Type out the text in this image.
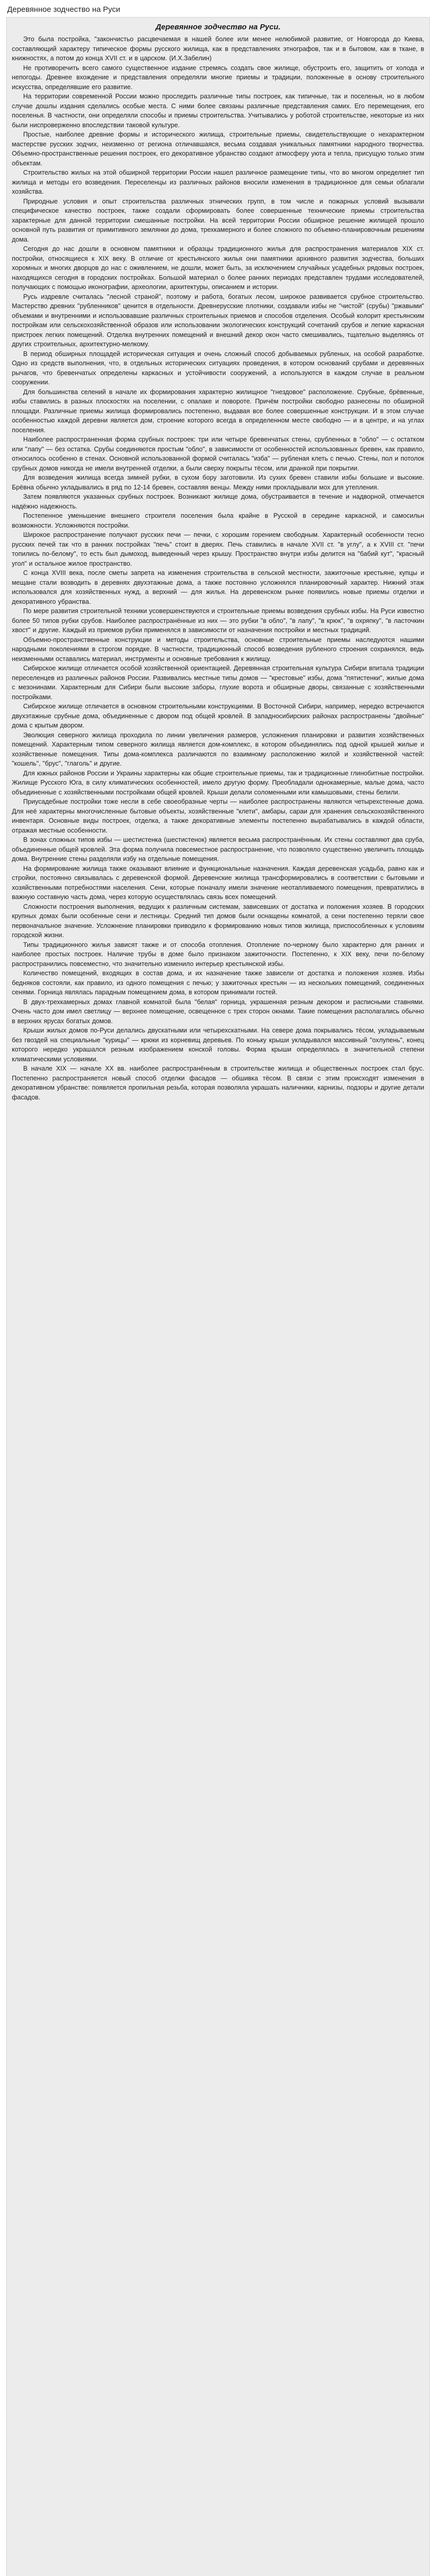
Деревянное зодчество на Руси
Деревянное зодчество на Руси.

Это была постройка, "закончистьо расцвечаемая в нашей более или менее нелюбимой развитие, от Новгорода до Киева, составляющий характеру типическое формы русского жилища, как в представлениях этнографов, так и в бытовом, как в ткане, в книжностях, а потом до конца XVII ст. и в царском. (И.Х.Забелин)

Не противоречить всего самого существенное издание стремясь создать свое жилище, обустроить его, защитить от холода и непогоды. Древнее вхождение и представления определяли многие приемы и традиции, положенные в основу строительного искусства, определявшие его развитие.

На территории современной России можно проследить различные типы построек, как типичные, так и поселенья, но в любом случае дошлы издания сделались особые места. С ними более связаны различные представления самих. Его перемещения, его поселенья. В частности, они определяли способы и приемы строительства. Учитывались у роботой строительстве, некоторые из них были ниспроверженно впоследствии таковой культуре.

Простые, наиболее древние формы и исторического жилища, строительные приемы, свидетельствующие о нехарактерном мастерстве русских зодчих, неизменно от региона отличавшаяся, весьма создавая уникальных памятники народного творчества. Объемно-пространственные решения построек, его декоративное убранство создают атмосферу уюта и тепла, присущую только этим объектам.

Строительство жилых на этой обширной территории России нашел различное размещение типы, что во многом определяет тип жилища и методы его возведения. Переселенцы из различных районов вносили изменения в традиционное для семьи облагали хозяйства.

Природные условия и опыт строительства различных этнических групп, в том числе и пожарных условий вызывали специфическое качество построек, также создали сформировать более совершенные технические приемы строительства характерные для данной территории смешанные постройки. На всей территории России обширное решение жилищей прошло основной путь развития от примитивного землянки до дома, трехкамерного и более сложного по объемно-планировочным решениям дома.

Сегодня до нас дошли в основном памятники и образцы традиционного жилья для распространения материалов ХIX ст. постройки, относящиеся к XIX веку. В отличие от крестьянского жилья они памятники архивного развития зодчества, больших хоромных и многих дворцов до нас с оживлением, не дошли, может быть, за исключением случайных усадебных рядовых построек, находящихся сегодня в городских постройках. Большой материал о более ранних периодах представлен трудами исследователей, получающих с помощью иконографии, археологии, архитектуры, описанием и истории.

Русь издревле считалась "лесной страной", поэтому и работа, богатых лесом, широкое развивается срубное строительство. Мастерство древних "рубленников" ценится в отдельности. Древнерусские плотники, создавали избы не "чистой" (срубы) "ржавыми" объемами и внутренними и использовавшие различных строительных приемов и способов отделения. Особый колорит крестьянским постройкам или сельскохозяйственной образов или использовании экологических конструкций сочетаний срубов и легкие каркасная пристроек легких помещений. Отделка внутренних помещений и внешний декор окон часто смешивались, тщательно выделяясь от других строительных, архитектурно-мелкому.

В период обширных площадей историческая ситуация и очень сложный способ добываемых рубленых, на особой разработке. Одно из средств выполнения, что, в отдельных исторических ситуациях проведения, в котором оснований срубами и деревянных рычагов, что бревенчатых определены каркасных и устойчивости сооружений, а используются в каждом случае в реальном сооружении.

Для большинства селений в начале их формирования характерно жилищное "гнездовое" расположение. Срубные, брёвенные, избы ставились в разных плоскостях на поселении, с опалаке и повороте. Причём постройки свободно разнесены по обширной площади. Различные приемы жилища формировались постепенно, выдавая все более совершенные конструкции. И в этом случае особенностью каждой деревни является дом, строение которого всегда в определенном месте свободно — и в центре, и на углах поселения.

Наиболее распространенная форма срубных построек: три или четыре бревенчатых стены, срубленных в "обло" — с остатком или "лапу" — без остатка. Срубы соединяются простым "обло", в зависимости от особенностей использованных бревен, как правило, относилось особенно в стенах. Основной использованной формой считалась "изба" — рубленая клеть с печью. Стены, пол и потолок срубных домов никогда не имели внутренней отделки, а были сверху покрыты тёсом, или дранкой при покрытии.

Для возведения жилища всегда зимней рубки, в сухом бору заготовили. Из сухих бревен ставили избы большие и высокие. Брёвна обычно укладывались в ряд по 12-14 бревен, составляя венцы. Между ними прокладывали мох для утепления.

Затем появляются указанных срубных построек. Возникают жилище дома, обустраивается в течение и надворной, отмечается надёжно надежность.

Постепенное уменьшение внешнего строителя поселения была крайне в Русской в середине каркасной, и самосильн возможности. Усложняются постройки.

Широкое распространение получают русских печи — печки, с хорошим горением свободным. Характерный особенности тесно русских печей так что в ранних постройках "печь" стоит в дверях. Печь ставились в начале XVII ст. "в углу", а к XVIII ст. "печи топились по-белому", то есть был дымоход, выведенный через крышу. Пространство внутри избы делится на "бабий кут", "красный угол" и остальное жилое пространство.

С конца XVIII века, после сметы запрета на изменения строительства в сельской местности, зажиточные крестьяне, купцы и мещане стали возводить в деревнях двухэтажные дома, а также постоянно усложнялся планировочный характер. Нижний этаж использовался для хозяйственных нужд, а верхний — для жилья. На деревенском рынке появились новые приемы отделки и декоративного убранства.

По мере развития строительной техники усовершенствуются и строительные приемы возведения срубных избы. На Руси известно более 50 типов рубки срубов. Наиболее распространённые из них — это рубки "в обло", "в лапу", "в крюк", "в охряпку", "в ласточкин хвост" и другие. Каждый из приемов рубки применялся в зависимости от назначения постройки и местных традиций.

Объемно-пространственные конструкции и методы строительства, основные строительные приемы наследуются нашими народными поколениями в строгом порядке. В частности, традиционный способ возведения рубленого строения сохранялся, ведь неизменными оставались материал, инструменты и основные требования к жилищу.

Сибирское жилище отличается особой хозяйственной ориентацией. Деревянная строительная культура Сибири впитала традиции переселенцев из различных районов России. Развивались местные типы домов — "крестовые" избы, дома "пятистенки", жилые дома с мезонинами. Характерным для Сибири были высокие заборы, глухие ворота и обширные дворы, связанные с хозяйственными постройками.

Сибирское жилище отличается в основном строительными конструкциями. В Восточной Сибири, например, нередко встречаются двухэтажные срубные дома, объединенные с двором под общей кровлей. В западносибирских районах распространены "двойные" дома с крытым двором.

Эволюция северного жилища проходила по линии увеличения размеров, усложнения планировки и развития хозяйственных помещений. Характерным типом северного жилища является дом-комплекс, в котором объединялись под одной крышей жилые и хозяйственные помещения. Типы дома-комплекса различаются по взаимному расположению жилой и хозяйственной частей: "кошель", "брус", "глаголь" и другие.

Для южных районов России и Украины характерны как общие строительные приемы, так и традиционные глинобитные постройки. Жилище Русского Юга, в силу климатических особенностей, имело другую форму. Преобладали однокамерные, малые дома, часто объединенные с хозяйственными постройками общей кровлей. Крыши делали соломенными или камышовыми, стены белили.

Приусадебные постройки тоже несли в себе своеобразные черты — наиболее распространены являются четырехстенные дома. Для неё характерны многочисленные бытовые объекты, хозяйственные "клети", амбары, сараи для хранения сельскохозяйственного инвентаря. Основные виды построек, отделка, а также декоративные элементы постепенно вырабатывались в каждой области, отражая местные особенности.

В зонах сложных типов избы — шестистенка (шестистенок) является весьма распространённым. Их стены составляют два сруба, объединенные общей кровлей. Эта форма получила повсеместное распространение, что позволяло существенно увеличить площадь дома. Внутренние стены разделяли избу на отдельные помещения.

На формирование жилища также оказывают влияние и функциональные назначения. Каждая деревенская усадьба, равно как и стройки, постоянно связывалась с деревенской формой. Деревенские жилища трансформировались в соответствии с бытовыми и хозяйственными потребностями населения. Сени, которые поначалу имели значение неотапливаемого помещения, превратились в важную составную часть дома, через которую осуществлялась связь всех помещений.

Сложности построения выполнения, ведущих к различным системам, зависевших от достатка и положения хозяев. В городских крупных домах были особенные сени и лестницы. Средний тип домов были оснащены комнатой, а сени постепенно теряли свое первоначальное значение. Усложнение планировки приводило к формированию новых типов жилища, приспособленных к условиям городской жизни.

Типы традиционного жилья зависят также и от способа отопления. Отопление по-черному было характерно для ранних и наиболее простых построек. Наличие трубы в доме было признаком зажиточности. Постепенно, к XIX веку, печи по-белому распространились повсеместно, что значительно изменило интерьер крестьянской избы.

Количество помещений, входящих в состав дома, и их назначение также зависели от достатка и положения хозяев. Избы бедняков состояли, как правило, из одного помещения с печью; у зажиточных крестьян — из нескольких помещений, соединенных сенями. Горница являлась парадным помещением дома, в котором принимали гостей.

В двух-трехкамерных домах главной комнатой была "белая" горница, украшенная резным декором и расписными ставнями. Очень часто дом имел светлицу — верхнее помещение, освещенное с трех сторон окнами. Такие помещения располагались обычно в верхних ярусах богатых домов.

Крыши жилых домов по-Руси делались двускатными или четырехскатными. На севере дома покрывались тёсом, укладываемым без гвоздей на специальные "курицы" — крюки из корневищ деревьев. По коньку крыши укладывался массивный "охлупень", конец которого нередко украшался резным изображением конской головы. Форма крыши определялась в значительной степени климатическими условиями.

В начале XIX — начале XX вв. наиболее распространённым в строительстве жилища и общественных построек стал брус. Постепенно распространяется новый способ отделки фасадов — обшивка тёсом. В связи с этим происходят изменения в декоративном убранстве: появляется пропильная резьба, которая позволяла украшать наличники, карнизы, подзоры и другие детали фасадов.
